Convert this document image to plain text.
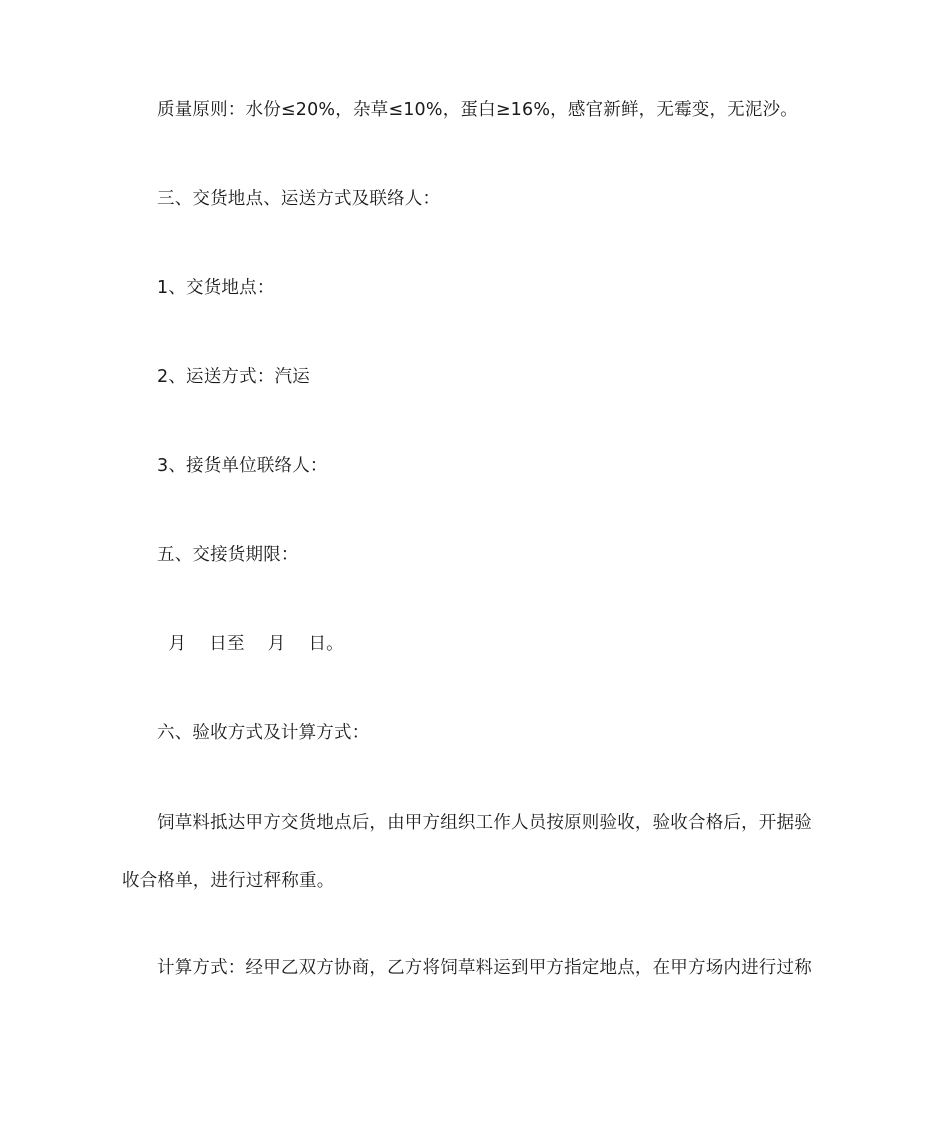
质量原则：水份≤20%，杂草≤10%，蛋白≥16%，感官新鲜，无霉变，无泥沙。
三、交货地点、运送方式及联络人：
1、交货地点：
2、运送方式：汽运
3、接货单位联络人：
五、交接货期限：
月    日至    月    日。
六、验收方式及计算方式：
饲草料抵达甲方交货地点后，由甲方组织工作人员按原则验收，验收合格后，开据验
收合格单，进行过秤称重。
计算方式：经甲乙双方协商，乙方将饲草料运到甲方指定地点，在甲方场内进行过称
